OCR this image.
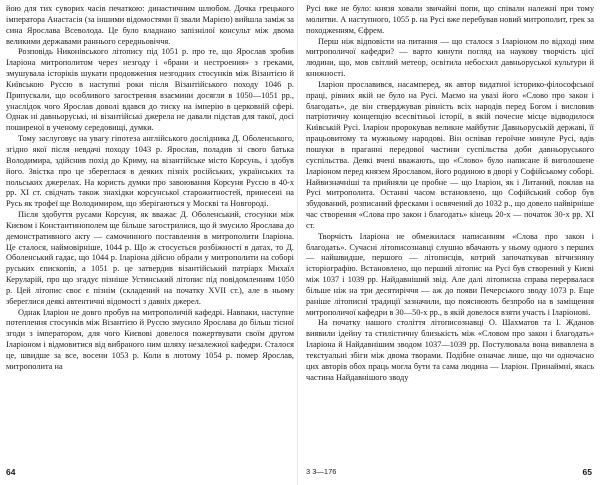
йою для тих суворих часів печаткою: династичним шлюбом. Дочка грецького імператора Анастасія (за іншими відомостями її звали Марією) вийшла заміж за сина Ярослава Всеволода. Це було владнано запізнілої консульт між двома великими державами раннього середньовіччя.

Розповідь Никонівського літопису під 1051 р. про те, що Ярослав зробив Іларіона митрополитом через незгоду і «брани и нестроения» з греками, змушувала історіків шукати продовження незгодних стосунків між Візантією й Київською Руссю в наступні роки після Візантійського походу 1046 р. Припускали, що особливого загострення взаємини досягли в 1050—1051 рр., унаслідок чого Ярослав доволі вдався до тиску на імперію в церковній сфері. Однак ні давньоруські, ні візантійські джерела не давали підстав для такої, досі поширеної в ученому середовищі, думки.

Тому заслуговує на увагу гіпотеза англійського дослідника Д. Оболенського, згідно якої після невдачі походу 1043 р. Ярослав, поладив зі свого батька Володимира, здійснив похід до Криму, на візантійське місто Корсунь, і здобув його. Звістка про це збереглася в деяких пізніх російських, українських та польських джерелах. На користь думки про завоювання Корсуня Руссю в 40-х рр. XI ст. свідчать також знахідки корсунської старожитностей, принесені на Русь як трофеї ще Володимиром, що зберігаються у Москві та Новгороді.

Після здобуття русами Корсуня, як вважає Д. Оболенський, стосунки між Києвом і Константинополем ще більше загострилися, що й змусило Ярослава до демонстративного акту — самочинного поставлення в митрополити Іларіона. Це сталося, наймовірніше, 1044 р. Що ж стосується розбіжності в датах, то Д. Оболенський гадає, що 1044 р. Іларіона дійсно обрали у митрополити на соборі руських єпископів, а 1051 р. це затвердив візантійський патріарх Михаїл Керуларій, про що згадує пізніше Устинський літопис під повідомленням 1050 р. Цей літопис своє є пізнім (складений на початку XVII ст.), але в ньому збереглися деякі автентичні відомості з давніх джерел.

Однак Іларіон не довго пробув на митрополичій кафедрі. Навпаки, наступне потеплення стосунків між Візантією й Руссю змусило Ярослава до більш тісної згоди з імператором, для чого Києвові довелося пожертвувати своїм другом Іларіоном і відмовитися від вибраного ним шляху незалежної кафедри. Сталося це, швидше за все, восени 1053 р. Коли в лютому 1054 р. помер Ярослав, митрополита на

64

Русі вже не було: князя ховали звичайні попи, що співали належні при тому молитви. А наступного, 1055 р. на Русі вже перебував новий митрополит, грек за походженням, Єфрем.

Перш ніж відповісти на питання — що сталося з Іларіоном по відході ним митрополичої кафедри? — варто кинути погляд на наукову творчість цієї людини, що, мов світлий метеор, освітила небосхил давньоруської культури й книжності.

Іларіон прославився, насамперед, як автор видатної історико-філософської праці, рівних якій не було на Русі. Маємо на увазі його «Слово про закон і благодать», де він стверджував рівність всіх народів перед Богом і висловив патріотичну концепцію всесвітньої історії, в якій почесне місце відводилося Київській Русі. Іларіон пророкував великне майбутнє Давньоруській державі, її працьовитому та мужньому народові. Він оспівав героїчне минуле Русі, вдів пошуки в праганні передової частини суспільства доби давньоруського суспільства. Деякі вчені вважають, що «Слово» було написане й виголошене Іларіоном перед князем Ярославом, його родиною в дворі у Софійському соборі. Найвизначніші та прийняли це пробне — що Іларіон, як і Литаний, поклав на Русі митрополита. Останні часом встановлено, що Софійський собор був збудований, розписаний фресками і освячений до 1032 р., що довело найвірніше час створення «Слова про закон і благодать» кінець 20-х — початок 30-х рр. XI ст.

Творчість Іларіона не обмежилася написанням «Слова про закон і благодать». Сучасні літописознавці слушно вбачають у ньому одного з перших — найшвидше, першого — літописців, котрий започаткував вітчизняну історіографію. Встановлено, що перший літопис на Русі був створений у Києві між 1037 і 1039 рр. Найдавніший звід. Але далі літописна справа перервалася більше ніж на три десятиріччя — аж до появи Печерського зводу 1073 р. Еще раніше літописні традиції зазначили, що пояснюють безпробо на в заміщення митрополичої кафедри в 30—50-х рр., в якій довелося взяти участь і Іларіонові.

На початку нашого століття літописознавці О. Шахматов та І. Жданов виявили ідейну та стилістичну близькість між «Словом про закон і благодать» Іларіона й Найдавнішим зводом 1037—1039 рр. Постулювала вона вивавлена в текстуальні збіги між двома творами. Подібне означає лише, що чи одночасно цих авторів обох праць могла бути та сама людина — Іларіон. Принаймні, якась частина Найдавнішого зводу

3 3—176	65
